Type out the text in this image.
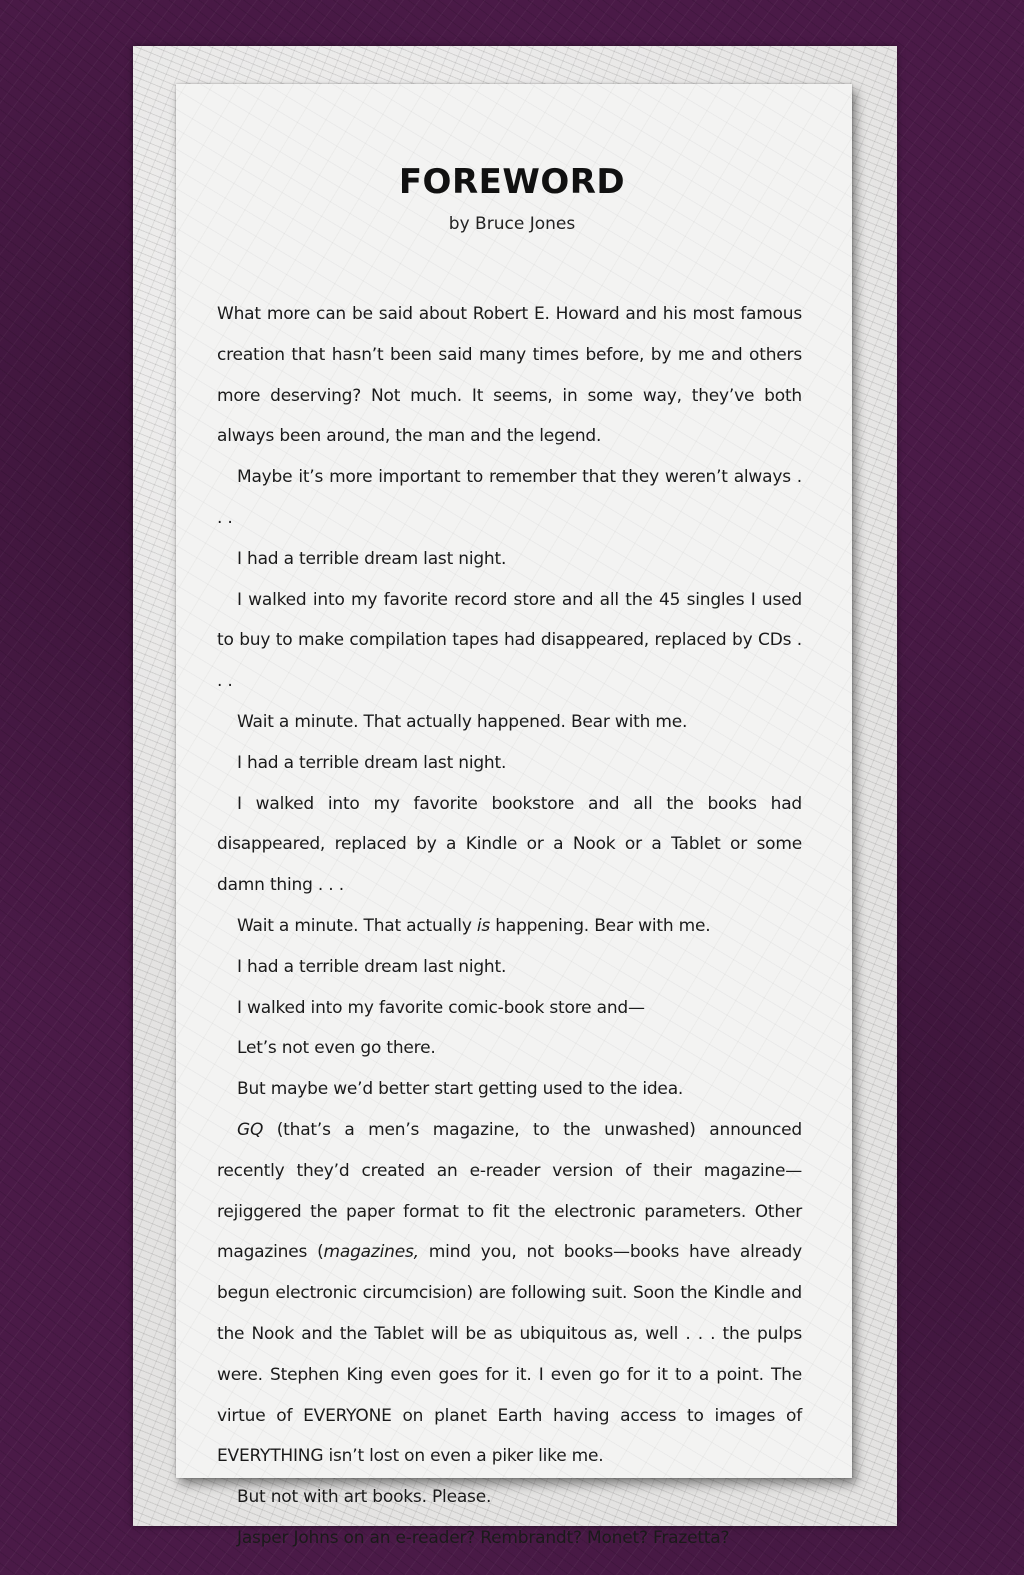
FOREWORD
by Bruce Jones

What more can be said about Robert E. Howard and his most famous creation that hasn’t been said many times before, by me and others more deserving? Not much. It seems, in some way, they’ve both always been around, the man and the legend.

Maybe it’s more important to remember that they weren’t always . . .

I had a terrible dream last night.

I walked into my favorite record store and all the 45 singles I used to buy to make compilation tapes had disappeared, replaced by CDs . . .

Wait a minute. That actually happened. Bear with me.

I had a terrible dream last night.

I walked into my favorite bookstore and all the books had disappeared, replaced by a Kindle or a Nook or a Tablet or some damn thing . . .

Wait a minute. That actually is happening. Bear with me.

I had a terrible dream last night.

I walked into my favorite comic-book store and—

Let’s not even go there.

But maybe we’d better start getting used to the idea.

GQ (that’s a men’s magazine, to the unwashed) announced recently they’d created an e-reader version of their magazine—rejiggered the paper format to fit the electronic parameters. Other magazines (magazines, mind you, not books—books have already begun electronic circumcision) are following suit. Soon the Kindle and the Nook and the Tablet will be as ubiquitous as, well . . . the pulps were. Stephen King even goes for it. I even go for it to a point. The virtue of EVERYONE on planet Earth having access to images of EVERYTHING isn’t lost on even a piker like me.

But not with art books. Please.

Jasper Johns on an e-reader? Rembrandt? Monet? Frazetta?
